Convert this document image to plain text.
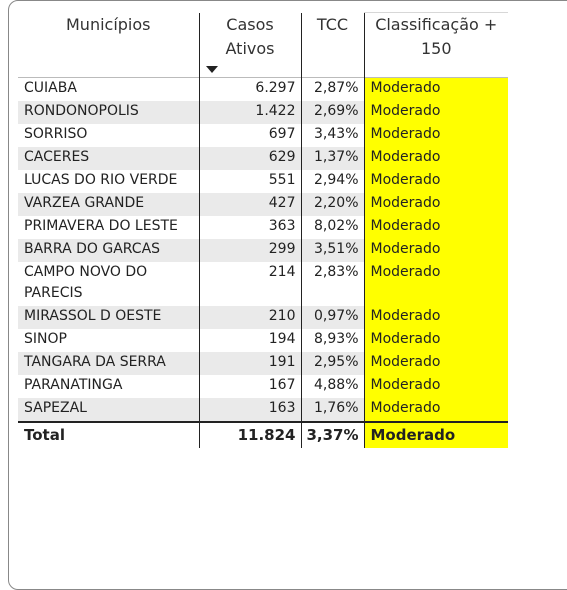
Municípios	Casos Ativos	TCC	Classificação + 150

CUIABA	6.297	2,87%	Moderado
RONDONOPOLIS	1.422	2,69%	Moderado
SORRISO	697	3,43%	Moderado
CACERES	629	1,37%	Moderado
LUCAS DO RIO VERDE	551	2,94%	Moderado
VARZEA GRANDE	427	2,20%	Moderado
PRIMAVERA DO LESTE	363	8,02%	Moderado
BARRA DO GARCAS	299	3,51%	Moderado
CAMPO NOVO DO PARECIS	214	2,83%	Moderado
MIRASSOL D OESTE	210	0,97%	Moderado
SINOP	194	8,93%	Moderado
TANGARA DA SERRA	191	2,95%	Moderado
PARANATINGA	167	4,88%	Moderado
SAPEZAL	163	1,76%	Moderado
Total	11.824	3,37%	Moderado
